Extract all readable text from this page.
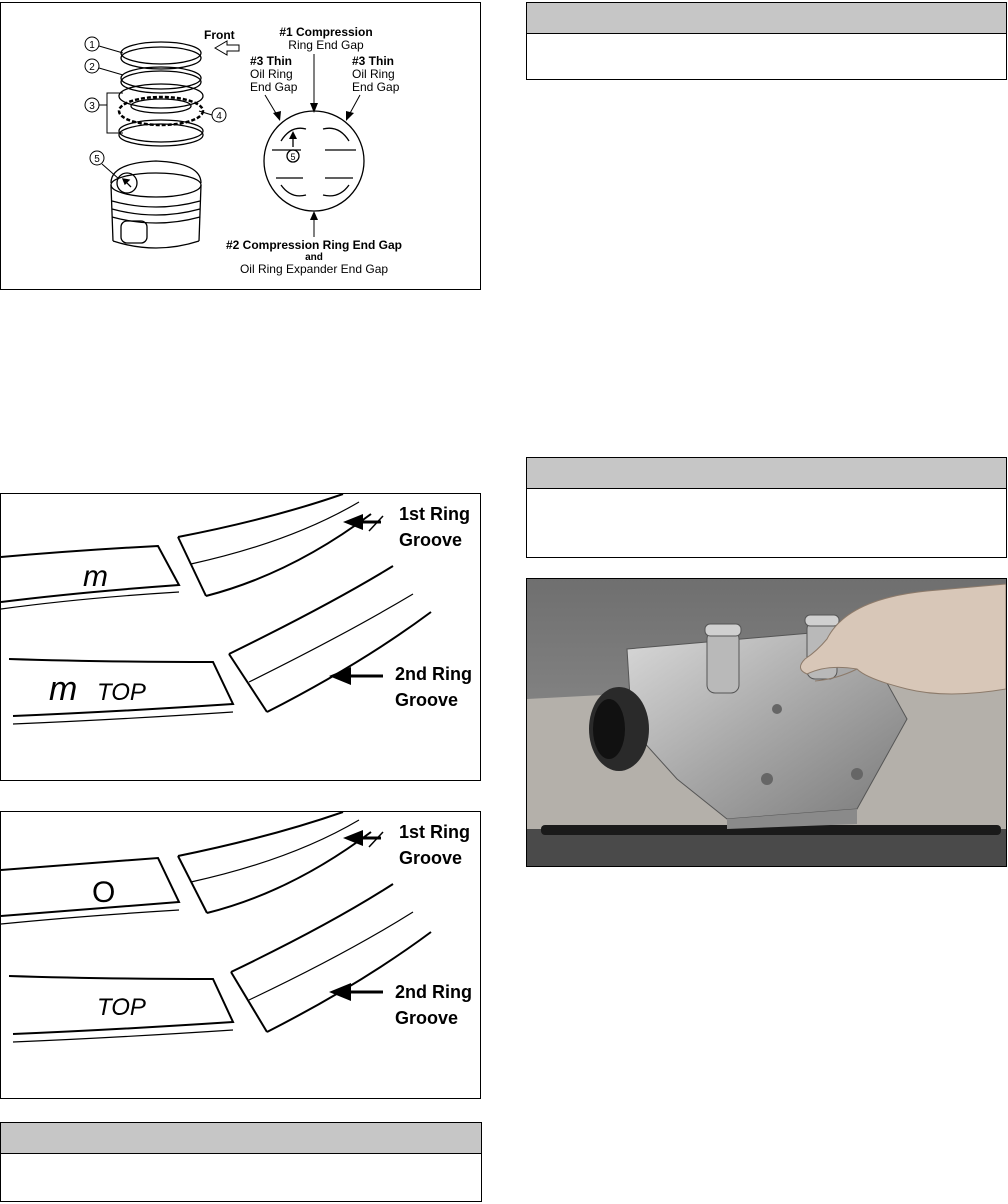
1
2
3
4
5
Front	#1 Compression
Ring End Gap
#3 Thin
Oil Ring
End Gap
#3 Thin
Oil Ring
End Gap
5
#2 Compression Ring End Gap
and
Oil Ring Expander End Gap
m
m TOP
1st Ring
Groove
2nd Ring
Groove
O
TOP
1st Ring
Groove
2nd Ring
Groove
